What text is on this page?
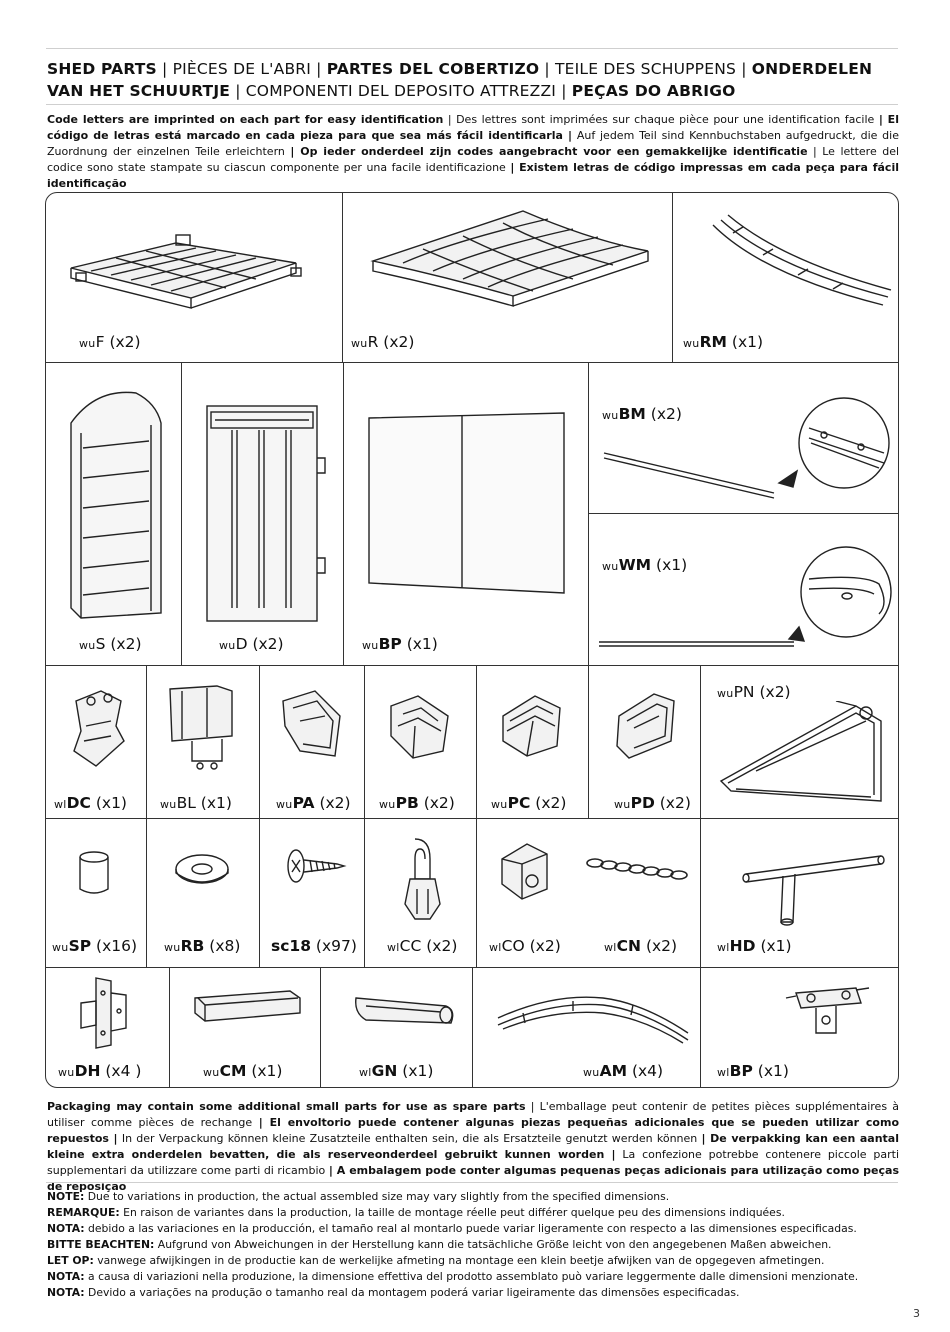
SHED PARTS | PIÈCES DE L'ABRI | PARTES DEL COBERTIZO | TEILE DES SCHUPPENS | ONDERDELEN VAN HET SCHUURTJE | COMPONENTI DEL DEPOSITO ATTREZZI | PEÇAS DO ABRIGO
Code letters are imprinted on each part for easy identification | Des lettres sont imprimées sur chaque pièce pour une identification facile | El código de letras está marcado en cada pieza para que sea más fácil identificarla | Auf jedem Teil sind Kennbuchstaben aufgedruckt, die die Zuordnung der einzelnen Teile erleichtern | Op ieder onderdeel zijn codes aangebracht voor een gemakkelijke identificatie | Le lettere del codice sono state stampate su ciascun componente per una facile identificazione | Existem letras de código impressas em cada peça para fácil identificação
wuF (x2)	wuR (x2)	wuRM (x1)
wuS (x2)	wuD (x2)	wuBP (x1)
wuBM (x2)
wuWM (x1)
wlDC (x1)	wuBL (x1)	wuPA (x2)	wuPB (x2)	wuPC (x2)	wuPD (x2)
wuPN (x2)
wuSP (x16) wuRB (x8) sc18 (x97)	wlCC (x2)	wlCO (x2)	wlCN (x2)	wlHD (x1)
wuDH (x4 )	wuCM (x1)	wlGN (x1)	wuAM (x4)	wlBP (x1)
Packaging may contain some additional small parts for use as spare parts | L'emballage peut contenir de petites pièces supplémentaires à utiliser comme pièces de rechange | El envoltorio puede contener algunas piezas pequeñas adicionales que se pueden utilizar como repuestos | In der Verpackung können kleine Zusatzteile enthalten sein, die als Ersatzteile genutzt werden können | De verpakking kan een aantal kleine extra onderdelen bevatten, die als reserveonderdeel gebruikt kunnen worden | La confezione potrebbe contenere piccole parti supplementari da utilizzare come parti di ricambio | A embalagem pode conter algumas pequenas peças adicionais para utilização como peças de reposição
NOTE: Due to variations in production, the actual assembled size may vary slightly from the specified dimensions.
REMARQUE: En raison de variantes dans la production, la taille de montage réelle peut différer quelque peu des dimensions indiquées.
NOTA: debido a las variaciones en la producción, el tamaño real al montarlo puede variar ligeramente con respecto a las dimensiones especificadas.
BITTE BEACHTEN: Aufgrund von Abweichungen in der Herstellung kann die tatsächliche Größe leicht von den angegebenen Maßen abweichen.
LET OP: vanwege afwijkingen in de productie kan de werkelijke afmeting na montage een klein beetje afwijken van de opgegeven afmetingen.
NOTA: a causa di variazioni nella produzione, la dimensione effettiva del prodotto assemblato può variare leggermente dalle dimensioni menzionate.
NOTA: Devido a variações na produção o tamanho real da montagem poderá variar ligeiramente das dimensões especificadas.
3
